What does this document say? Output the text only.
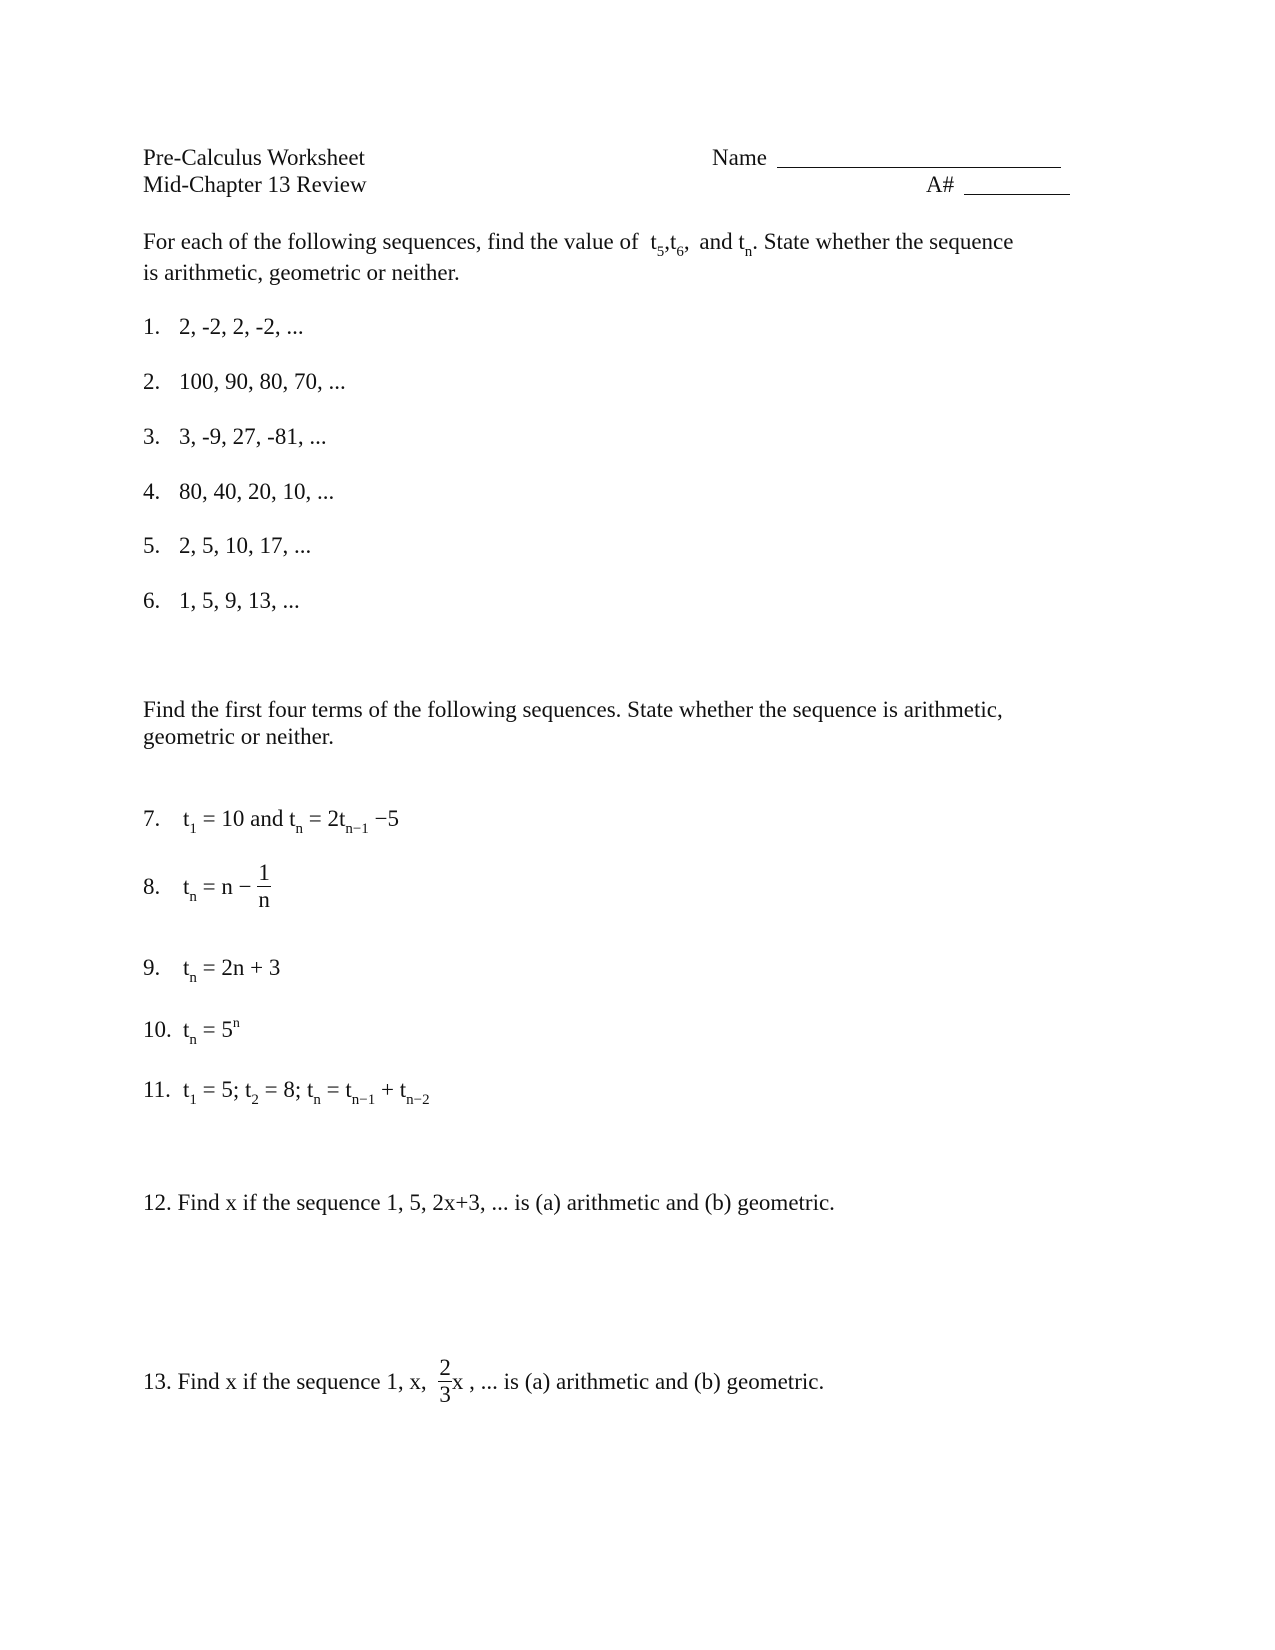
Pre-Calculus Worksheet
Mid-Chapter 13 Review
Name
A#
For each of the following sequences, find the value of $t_5,t_6$, and $t_n$. State whether the sequence
is arithmetic, geometric or neither.
1. 2, -2, 2, -2, ...
2. 100, 90, 80, 70, ...
3. 3, -9, 27, -81, ...
4. 80, 40, 20, 10, ...
5. 2, 5, 10, 17, ...
6. 1, 5, 9, 13, ...
Find the first four terms of the following sequences. State whether the sequence is arithmetic,
geometric or neither.
7. $t_1 = 10$ and $t_n = 2t_{n-1} -5$
8. $t_n = n - \frac{1}{n}$
9. $t_n = 2n + 3$
10. $t_n = 5^n$
11. $t_1 = 5$; $t_2 = 8$; $t_n = t_{n-1} + t_{n-2}$
12. Find x if the sequence 1, 5, 2x+3, ... is (a) arithmetic and (b) geometric.
13. Find x if the sequence 1, x, $\frac{2}{3}$ x , ... is (a) arithmetic and (b) geometric.
